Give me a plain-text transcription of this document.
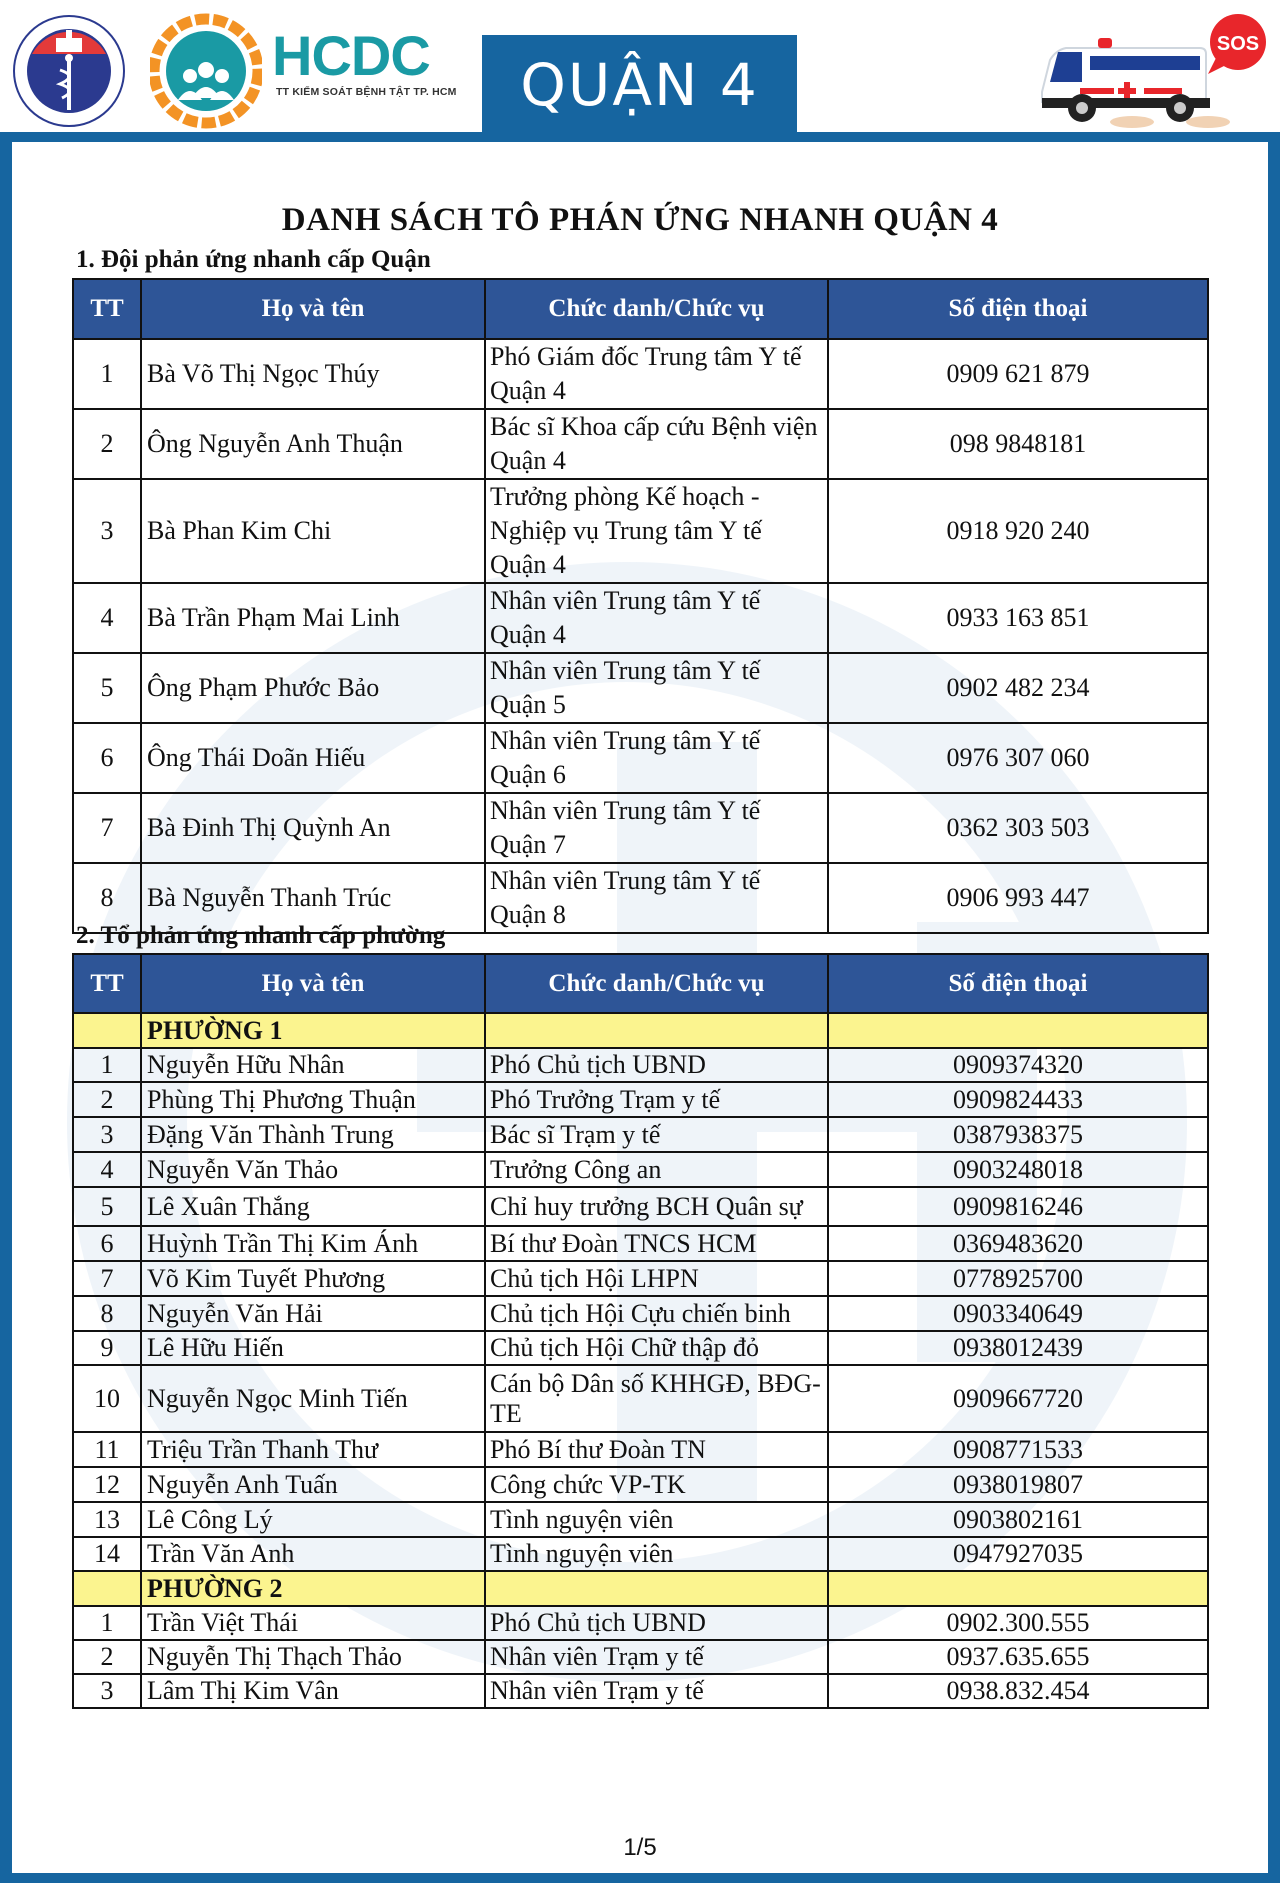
HCDC
TT KIỂM SOÁT BỆNH TẬT TP. HCM	QUẬN 4
SOS
DANH SÁCH TÔ PHÁN ỨNG NHANH QUẬN 4
1. Đội phản ứng nhanh cấp Quận
TT	Họ và tên	Chức danh/Chức vụ	Số điện thoại
1	Bà Võ Thị Ngọc Thúy	Phó Giám đốc Trung tâm Y tế Quận 4	0909 621 879
2	Ông Nguyễn Anh Thuận	Bác sĩ Khoa cấp cứu Bệnh viện Quận 4	098 9848181
3	Bà Phan Kim Chi	Trưởng phòng Kế hoạch - Nghiệp vụ Trung tâm Y tế Quận 4	0918 920 240
4	Bà Trần Phạm Mai Linh	Nhân viên Trung tâm Y tế Quận 4	0933 163 851
5	Ông Phạm Phước Bảo	Nhân viên Trung tâm Y tế Quận 5	0902 482 234
6	Ông Thái Doãn Hiếu	Nhân viên Trung tâm Y tế Quận 6	0976 307 060
7	Bà Đinh Thị Quỳnh An	Nhân viên Trung tâm Y tế Quận 7	0362 303 503
8	Bà Nguyễn Thanh Trúc	Nhân viên Trung tâm Y tế Quận 8	0906 993 447
2. Tổ phản ứng nhanh cấp phường
TT	Họ và tên	Chức danh/Chức vụ	Số điện thoại
	PHƯỜNG 1		
1	Nguyễn Hữu Nhân	Phó Chủ tịch UBND	0909374320
2	Phùng Thị Phương Thuận	Phó Trưởng Trạm y tế	0909824433
3	Đặng Văn Thành Trung	Bác sĩ Trạm y tế	0387938375
4	Nguyễn Văn Thảo	Trưởng Công an	0903248018
5	Lê Xuân Thắng	Chỉ huy trưởng BCH Quân sự	0909816246
6	Huỳnh Trần Thị Kim Ánh	Bí thư Đoàn TNCS HCM	0369483620
7	Võ Kim Tuyết Phương	Chủ tịch Hội LHPN	0778925700
8	Nguyễn Văn Hải	Chủ tịch Hội Cựu chiến binh	0903340649
9	Lê Hữu Hiến	Chủ tịch Hội Chữ thập đỏ	0938012439
10	Nguyễn Ngọc Minh Tiến	Cán bộ Dân số KHHGĐ, BĐG-TE	0909667720
11	Triệu Trần Thanh Thư	Phó Bí thư Đoàn TN	0908771533
12	Nguyễn Anh Tuấn	Công chức VP-TK	0938019807
13	Lê Công Lý	Tình nguyện viên	0903802161
14	Trần Văn Anh	Tình nguyện viên	0947927035
	PHƯỜNG 2		
1	Trần Việt Thái	Phó Chủ tịch UBND	0902.300.555
2	Nguyễn Thị Thạch Thảo	Nhân viên Trạm y tế	0937.635.655
3	Lâm Thị Kim Vân	Nhân viên Trạm y tế	0938.832.454
1/5
